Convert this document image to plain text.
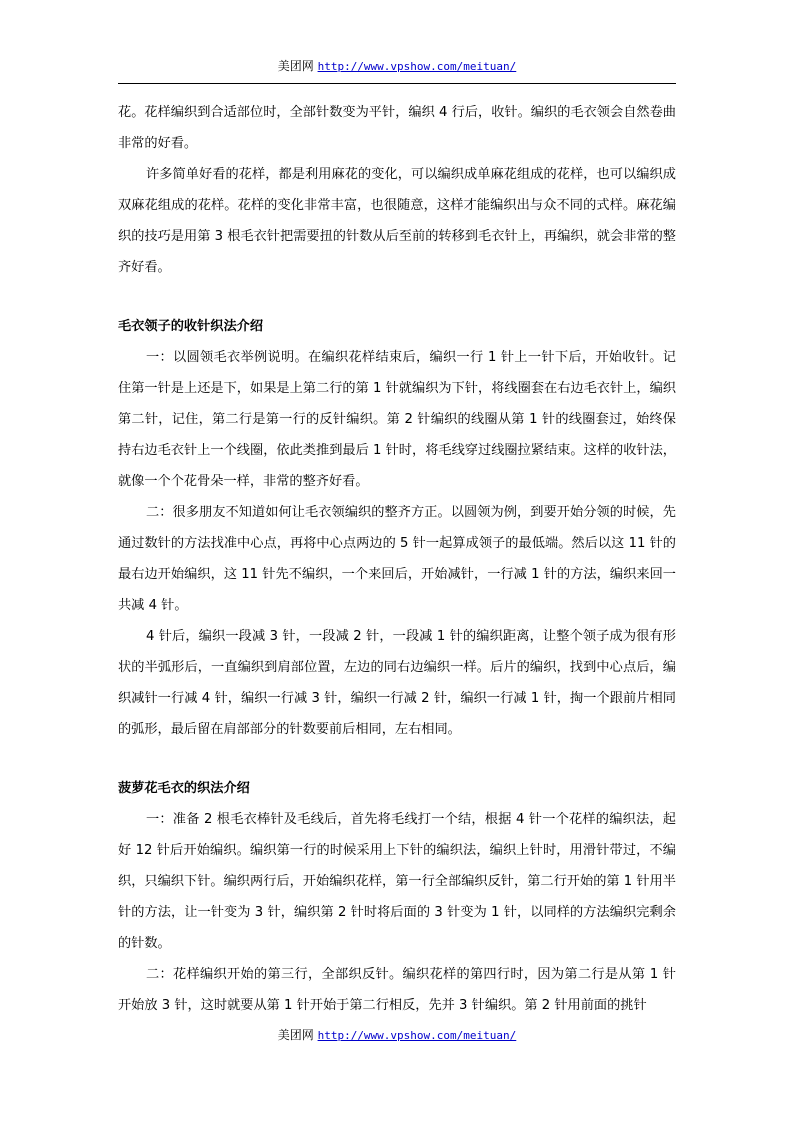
美团网 http://www.vpshow.com/meituan/

花。花样编织到合适部位时，全部针数变为平针，编织 4 行后，收针。编织的毛衣领会自然卷曲非常的好看。

许多简单好看的花样，都是利用麻花的变化，可以编织成单麻花组成的花样，也可以编织成双麻花组成的花样。花样的变化非常丰富，也很随意，这样才能编织出与众不同的式样。麻花编织的技巧是用第 3 根毛衣针把需要扭的针数从后至前的转移到毛衣针上，再编织，就会非常的整齐好看。

毛衣领子的收针织法介绍

一：以圆领毛衣举例说明。在编织花样结束后，编织一行 1 针上一针下后，开始收针。记住第一针是上还是下，如果是上第二行的第 1 针就编织为下针，将线圈套在右边毛衣针上，编织第二针，记住，第二行是第一行的反针编织。第 2 针编织的线圈从第 1 针的线圈套过，始终保持右边毛衣针上一个线圈，依此类推到最后 1 针时，将毛线穿过线圈拉紧结束。这样的收针法，就像一个个花骨朵一样，非常的整齐好看。

二：很多朋友不知道如何让毛衣领编织的整齐方正。以圆领为例，到要开始分领的时候，先通过数针的方法找准中心点，再将中心点两边的 5 针一起算成领子的最低端。然后以这 11 针的最右边开始编织，这 11 针先不编织，一个来回后，开始减针，一行减 1 针的方法，编织来回一共减 4 针。

4 针后，编织一段减 3 针，一段减 2 针，一段减 1 针的编织距离，让整个领子成为很有形状的半弧形后，一直编织到肩部位置，左边的同右边编织一样。后片的编织，找到中心点后，编织减针一行减 4 针，编织一行减 3 针，编织一行减 2 针，编织一行减 1 针，掏一个跟前片相同的弧形，最后留在肩部部分的针数要前后相同，左右相同。

菠萝花毛衣的织法介绍

一：准备 2 根毛衣棒针及毛线后，首先将毛线打一个结，根据 4 针一个花样的编织法，起好 12 针后开始编织。编织第一行的时候采用上下针的编织法，编织上针时，用滑针带过，不编织，只编织下针。编织两行后，开始编织花样，第一行全部编织反针，第二行开始的第 1 针用半针的方法，让一针变为 3 针，编织第 2 针时将后面的 3 针变为 1 针，以同样的方法编织完剩余的针数。

二：花样编织开始的第三行，全部织反针。编织花样的第四行时，因为第二行是从第 1 针开始放 3 针，这时就要从第 1 针开始于第二行相反，先并 3 针编织。第 2 针用前面的挑针

美团网 http://www.vpshow.com/meituan/
